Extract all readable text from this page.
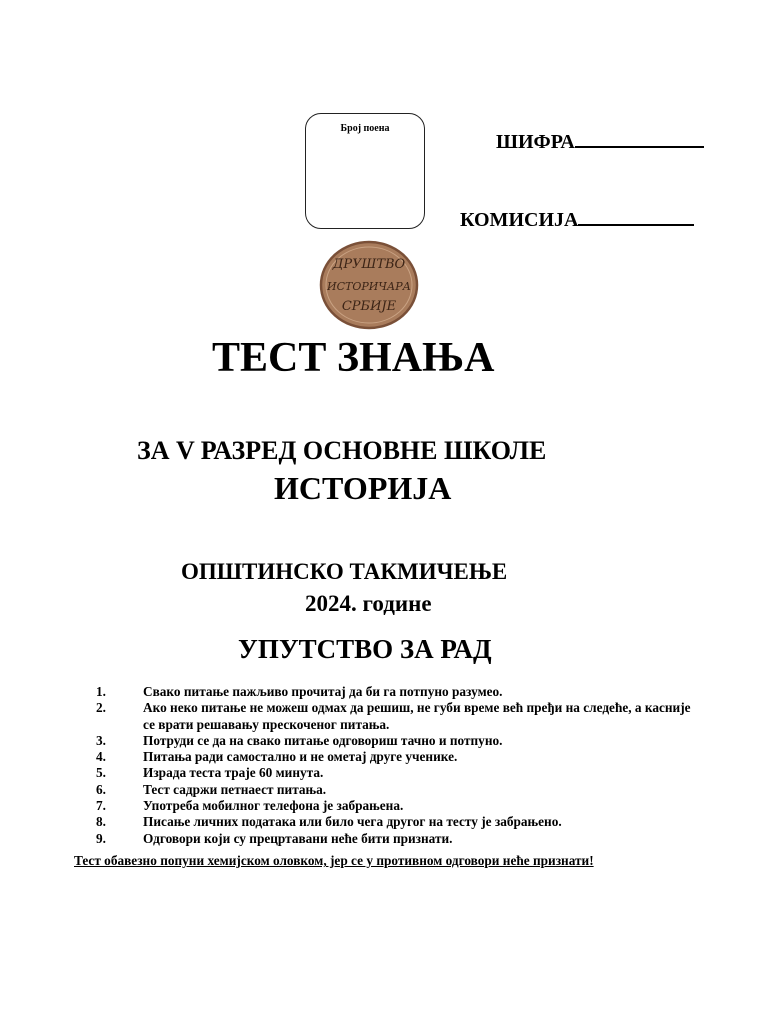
Број поена
ШИФРА
КОМИСИЈА
ДРУШТВО
ИСТОРИЧАРА
СРБИЈЕ
ТЕСТ ЗНАЊА
ЗА V РАЗРЕД ОСНОВНЕ ШКОЛЕ
ИСТОРИЈА
ОПШТИНСКО ТАКМИЧЕЊЕ
2024. године
УПУТСТВО ЗА РАД
1.	Свако питање пажљиво прочитај да би га потпуно разумео.
2.	Ако неко питање не можеш одмах да решиш, не губи време већ пређи на следеће, а касније се врати решавању прескоченог питања.
3.	Потруди се да на свако питање одговориш тачно и потпуно.
4.	Питања ради самостално и не ометај друге ученике.
5.	Израда теста траје 60 минута.
6.	Тест садржи петнаест питања.
7.	Употреба мобилног телефона је забрањена.
8.	Писање личних података или било чега другог на тесту је забрањено.
9.	Одговори који су прецртавани неће бити признати.
Тест обавезно попуни хемијском оловком, јер се у противном одговори неће признати!
